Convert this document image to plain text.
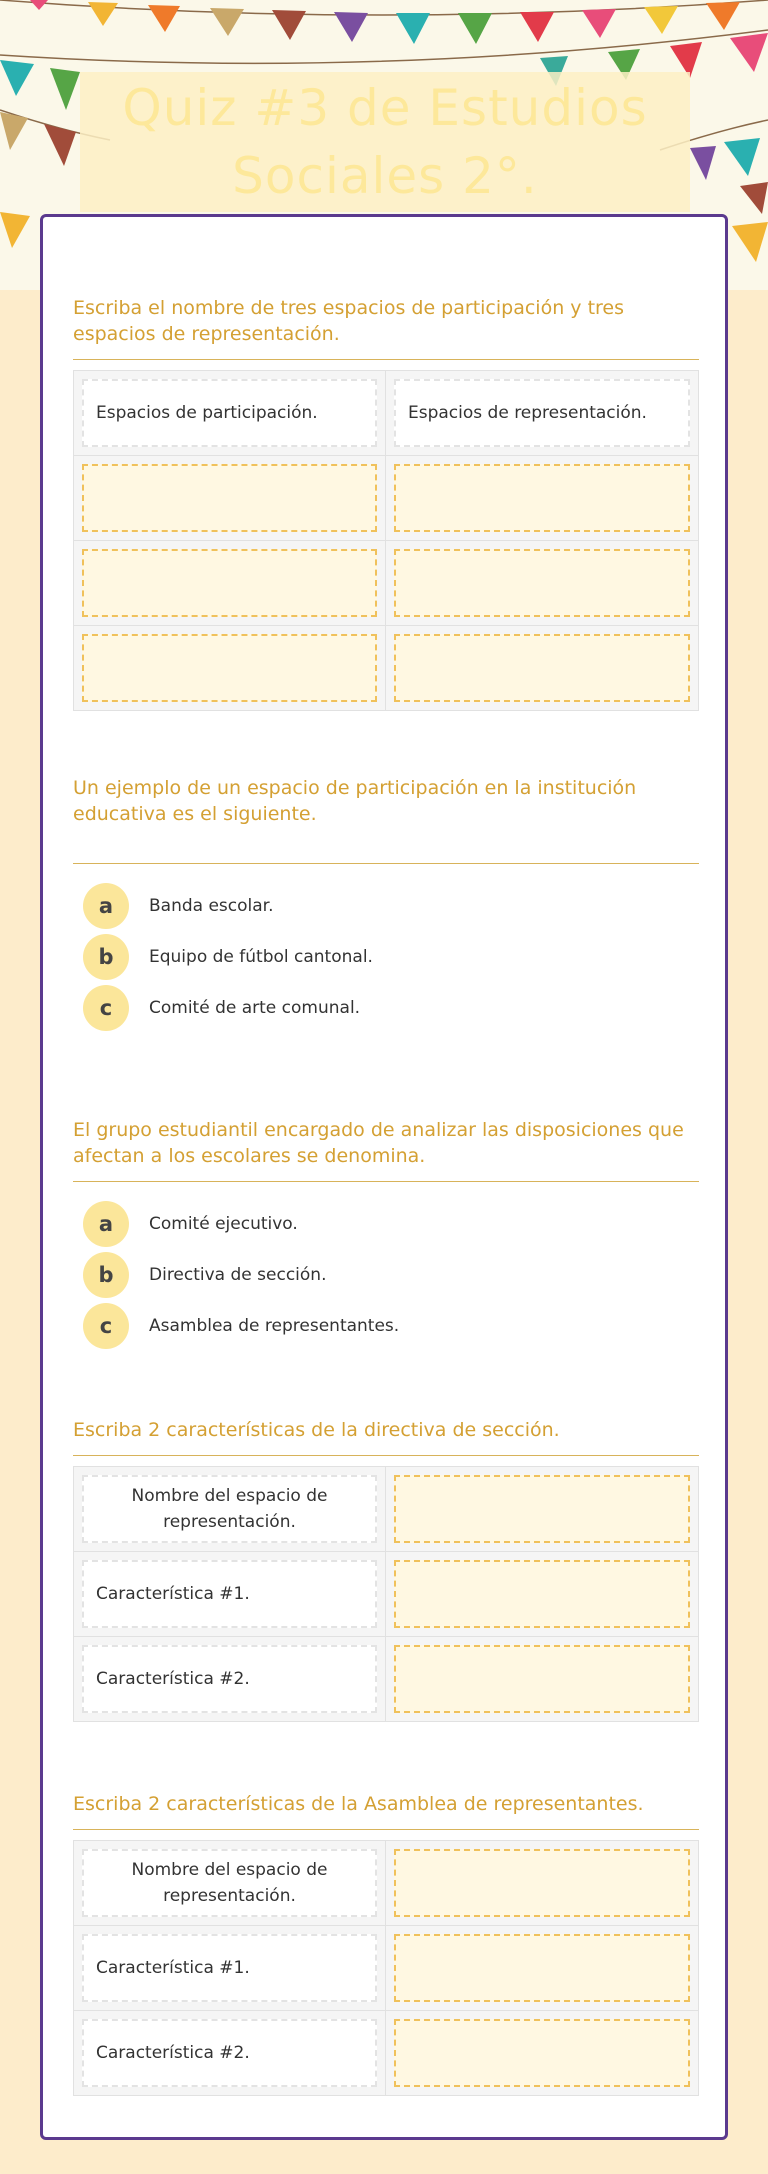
Quiz #3 de Estudios Sociales 2°.
Escriba el nombre de tres espacios de participación y tres espacios de representación.
Espacios de participación.	Espacios de representación.
Un ejemplo de un espacio de participación en la institución educativa es el siguiente.
a	Banda escolar.
b	Equipo de fútbol cantonal.
c	Comité de arte comunal.
El grupo estudiantil encargado de analizar las disposiciones que afectan a los escolares se denomina.
a	Comité ejecutivo.
b	Directiva de sección.
c	Asamblea de representantes.
Escriba 2 características de la directiva de sección.
Nombre del espacio de representación.
Característica #1.
Característica #2.
Escriba 2 características de la Asamblea de representantes.
Nombre del espacio de representación.
Característica #1.
Característica #2.
